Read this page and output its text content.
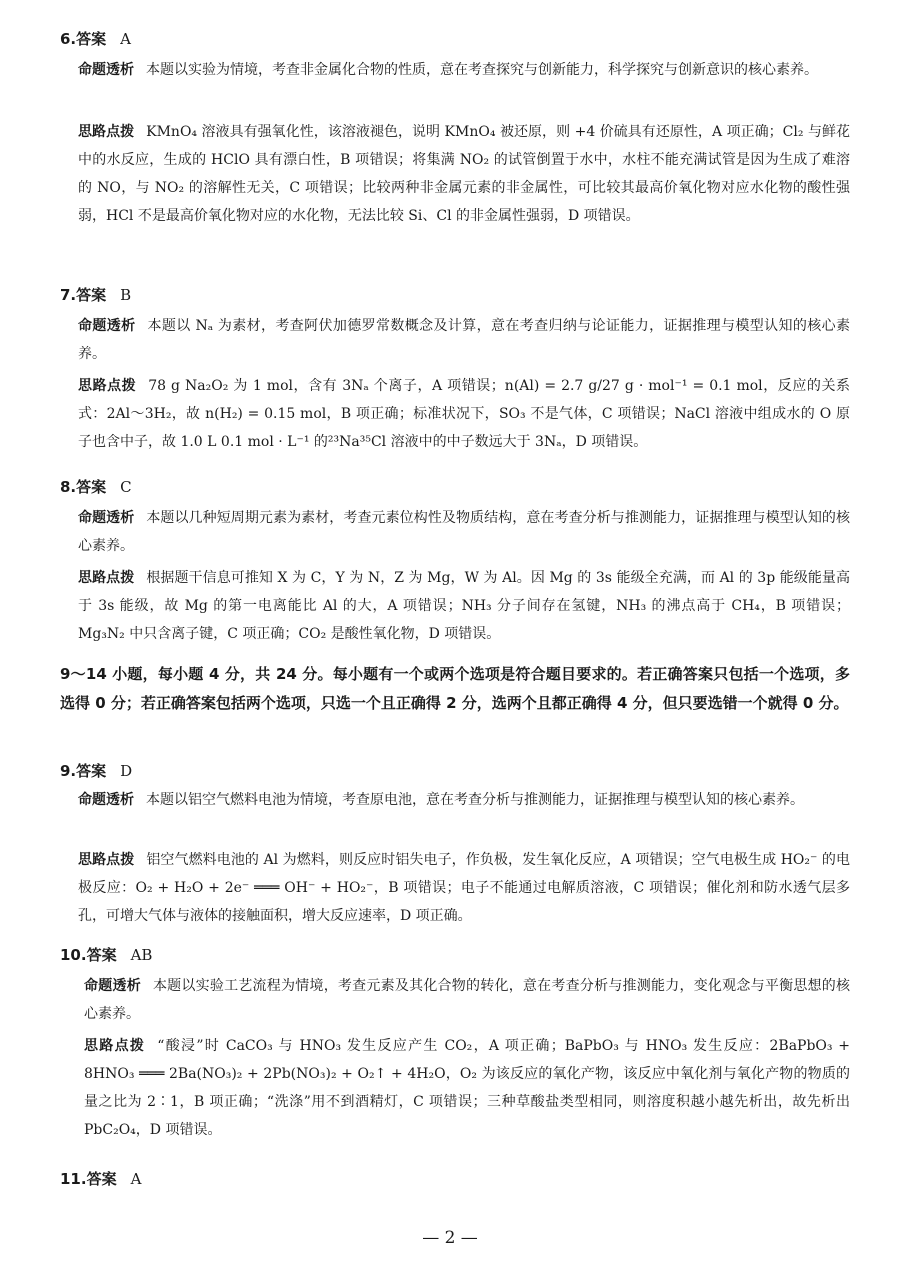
6.答案 A
命题透析 本题以实验为情境，考查非金属化合物的性质，意在考查探究与创新能力，科学探究与创新意识的核心素养。
思路点拨 KMnO₄ 溶液具有强氧化性，该溶液褪色，说明 KMnO₄ 被还原，则 +4 价硫具有还原性，A 项正确；Cl₂ 与鲜花中的水反应，生成的 HClO 具有漂白性，B 项错误；将集满 NO₂ 的试管倒置于水中，水柱不能充满试管是因为生成了难溶的 NO，与 NO₂ 的溶解性无关，C 项错误；比较两种非金属元素的非金属性，可比较其最高价氧化物对应水化物的酸性强弱，HCl 不是最高价氧化物对应的水化物，无法比较 Si、Cl 的非金属性强弱，D 项错误。
7.答案 B
命题透析 本题以 Nₐ 为素材，考查阿伏加德罗常数概念及计算，意在考查归纳与论证能力，证据推理与模型认知的核心素养。
思路点拨 78 g Na₂O₂ 为 1 mol，含有 3Nₐ 个离子，A 项错误；n(Al) = 2.7 g/27 g · mol⁻¹ = 0.1 mol，反应的关系式：2Al～3H₂，故 n(H₂) = 0.15 mol，B 项正确；标准状况下，SO₃ 不是气体，C 项错误；NaCl 溶液中组成水的 O 原子也含中子，故 1.0 L 0.1 mol · L⁻¹ 的²³Na³⁵Cl 溶液中的中子数远大于 3Nₐ，D 项错误。
8.答案 C
命题透析 本题以几种短周期元素为素材，考查元素位构性及物质结构，意在考查分析与推测能力，证据推理与模型认知的核心素养。
思路点拨 根据题干信息可推知 X 为 C，Y 为 N，Z 为 Mg，W 为 Al。因 Mg 的 3s 能级全充满，而 Al 的 3p 能级能量高于 3s 能级，故 Mg 的第一电离能比 Al 的大，A 项错误；NH₃ 分子间存在氢键，NH₃ 的沸点高于 CH₄，B 项错误；Mg₃N₂ 中只含离子键，C 项正确；CO₂ 是酸性氧化物，D 项错误。
9～14 小题，每小题 4 分，共 24 分。每小题有一个或两个选项是符合题目要求的。若正确答案只包括一个选项，多选得 0 分；若正确答案包括两个选项，只选一个且正确得 2 分，选两个且都正确得 4 分，但只要选错一个就得 0 分。
9.答案 D
命题透析 本题以铝空气燃料电池为情境，考查原电池，意在考查分析与推测能力，证据推理与模型认知的核心素养。
思路点拨 铝空气燃料电池的 Al 为燃料，则反应时铝失电子，作负极，发生氧化反应，A 项错误；空气电极生成 HO₂⁻ 的电极反应：O₂ + H₂O + 2e⁻ ═══ OH⁻ + HO₂⁻，B 项错误；电子不能通过电解质溶液，C 项错误；催化剂和防水透气层多孔，可增大气体与液体的接触面积，增大反应速率，D 项正确。
10.答案 AB
命题透析 本题以实验工艺流程为情境，考查元素及其化合物的转化，意在考查分析与推测能力，变化观念与平衡思想的核心素养。
思路点拨 “酸浸”时 CaCO₃ 与 HNO₃ 发生反应产生 CO₂，A 项正确；BaPbO₃ 与 HNO₃ 发生反应：2BaPbO₃ + 8HNO₃ ═══ 2Ba(NO₃)₂ + 2Pb(NO₃)₂ + O₂↑ + 4H₂O，O₂ 为该反应的氧化产物，该反应中氧化剂与氧化产物的物质的量之比为 2∶1，B 项正确；“洗涤”用不到酒精灯，C 项错误；三种草酸盐类型相同，则溶度积越小越先析出，故先析出 PbC₂O₄，D 项错误。
11.答案 A
— 2 —
